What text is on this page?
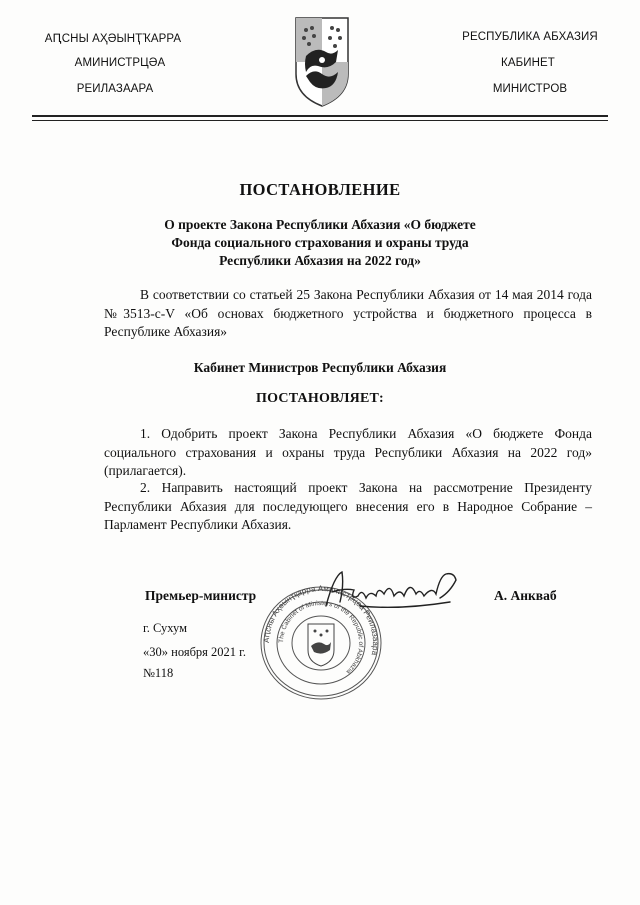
АԤСНЫ АҲӘЫНҬҠАРРА
АМИНИСТРЦӘА
РЕИЛАЗААРА
РЕСПУБЛИКА АБХАЗИЯ
КАБИНЕТ
МИНИСТРОВ
ПОСТАНОВЛЕНИЕ
О проекте Закона Республики Абхазия «О бюджете
Фонда социального страхования и охраны труда
Республики Абхазия на 2022 год»
В соответствии со статьей 25 Закона Республики Абхазия от 14 мая 2014 года №3513-с-V «Об основах бюджетного устройства и бюджетного процесса в Республике Абхазия»
Кабинет Министров Республики Абхазия
ПОСТАНОВЛЯЕТ:
1. Одобрить проект Закона Республики Абхазия «О бюджете Фонда социального страхования и охраны труда Республики Абхазия на 2022 год» (прилагается).
2. Направить настоящий проект Закона на рассмотрение Президенту Республики Абхазия для последующего внесения его в Народное Собрание – Парламент Республики Абхазия.
Аԥсны Аҳәынҭқарра Аминистрцәа Реилазаара
The Cabinet of Ministers of the Republic of Abkhazia
Премьер-министр	А. Анкваб
г. Сухум
«30» ноября 2021 г.
№118
